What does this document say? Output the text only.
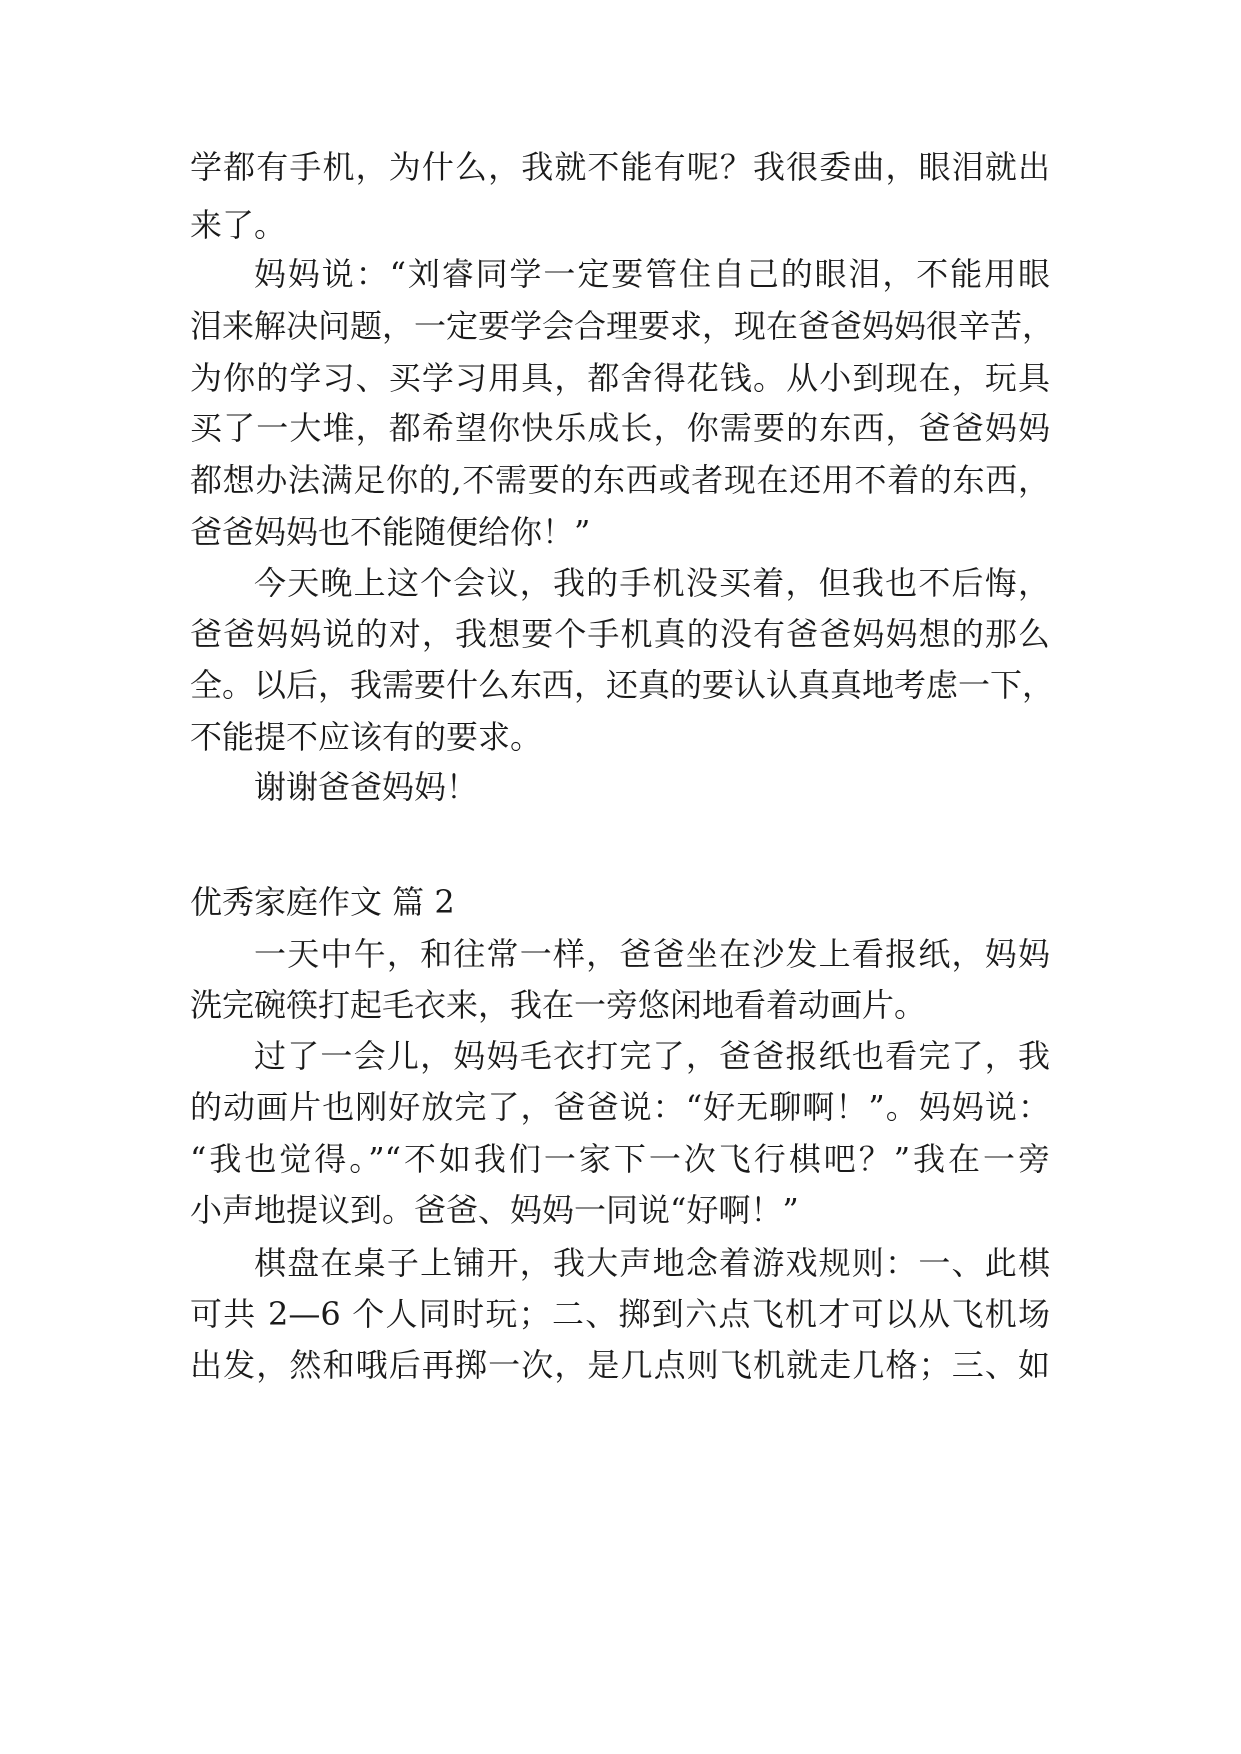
学都有手机，为什么，我就不能有呢？我很委曲，眼泪就出
来了。
妈妈说：“刘睿同学一定要管住自己的眼泪，不能用眼
泪来解决问题，一定要学会合理要求，现在爸爸妈妈很辛苦，
为你的学习、买学习用具，都舍得花钱。从小到现在，玩具
买了一大堆，都希望你快乐成长，你需要的东西，爸爸妈妈
都想办法满足你的,不需要的东西或者现在还用不着的东西，
爸爸妈妈也不能随便给你！”
今天晚上这个会议，我的手机没买着，但我也不后悔，
爸爸妈妈说的对，我想要个手机真的没有爸爸妈妈想的那么
全。以后，我需要什么东西，还真的要认认真真地考虑一下，
不能提不应该有的要求。
谢谢爸爸妈妈！
优秀家庭作文 篇 2
一天中午，和往常一样，爸爸坐在沙发上看报纸，妈妈
洗完碗筷打起毛衣来，我在一旁悠闲地看着动画片。
过了一会儿，妈妈毛衣打完了，爸爸报纸也看完了，我
的动画片也刚好放完了，爸爸说：“好无聊啊！”。妈妈说：
“我也觉得。”“不如我们一家下一次飞行棋吧？”我在一旁
小声地提议到。爸爸、妈妈一同说“好啊！”
棋盘在桌子上铺开，我大声地念着游戏规则：一、此棋
可共 2—6 个人同时玩；二、掷到六点飞机才可以从飞机场
出发，然和哦后再掷一次，是几点则飞机就走几格；三、如
